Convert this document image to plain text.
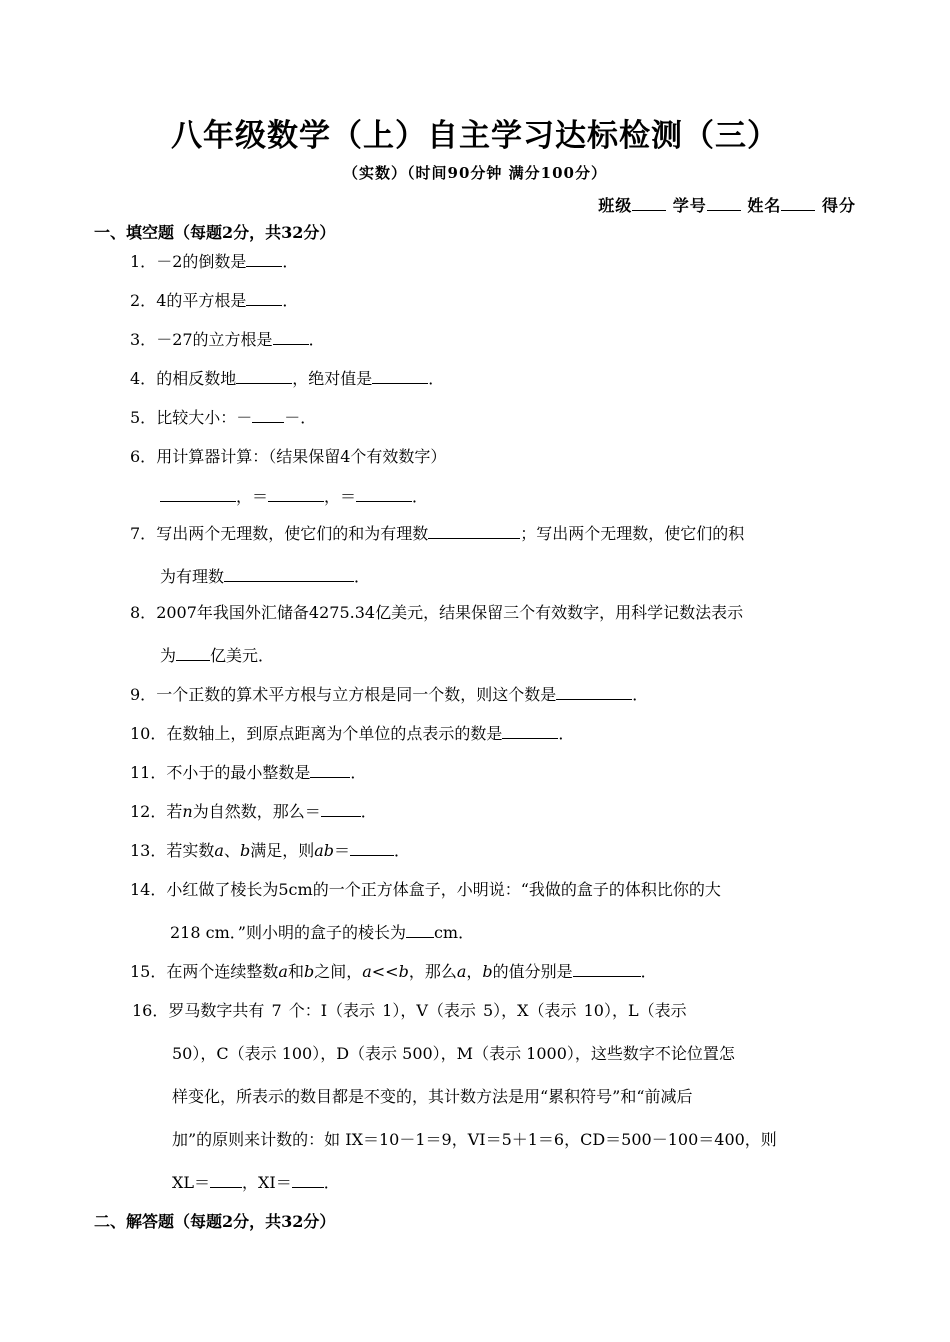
八年级数学（上）自主学习达标检测（三）
（实数）（时间90分钟 满分100分）
班级	学号	姓名	得分
一、填空题（每题2分，共32分）
1．－2的倒数是 ．
2．4的平方根是 ．
3．－27的立方根是 ．
4．的相反数地	，绝对值是	．
5．比较大小：－ －．
6．用计算器计算：（结果保留4个有效数字）
，＝	，＝	．
7．写出两个无理数，使它们的和为有理数	；写出两个无理数，使它们的积
为有理数	．
8．2007年我国外汇储备4275.34亿美元，结果保留三个有效数字，用科学记数法表示
为 亿美元．
9．一个正数的算术平方根与立方根是同一个数，则这个数是	．
10．在数轴上，到原点距离为个单位的点表示的数是	．
11．不小于的最小整数是	．
12．若n为自然数，那么＝	．
13．若实数a、b满足，则ab＝	．
14．小红做了棱长为5cm的一个正方体盒子，小明说：“我做的盒子的体积比你的大
218 cm．”则小明的盒子的棱长为 cm．
15．在两个连续整数a和b之间，a<<b，那么a，b的值分别是	．
16．罗马数字共有 7 个：I（表示 1），V（表示 5），X（表示 10），L（表示
50），C（表示 100），D（表示 500），M（表示 1000），这些数字不论位置怎
样变化，所表示的数目都是不变的，其计数方法是用“累积符号”和“前减后
加”的原则来计数的：如 IX＝10－1＝9，VI＝5＋1＝6，CD＝500－100＝400，则
XL＝ ，XI＝ ．
二、解答题（每题2分，共32分）
